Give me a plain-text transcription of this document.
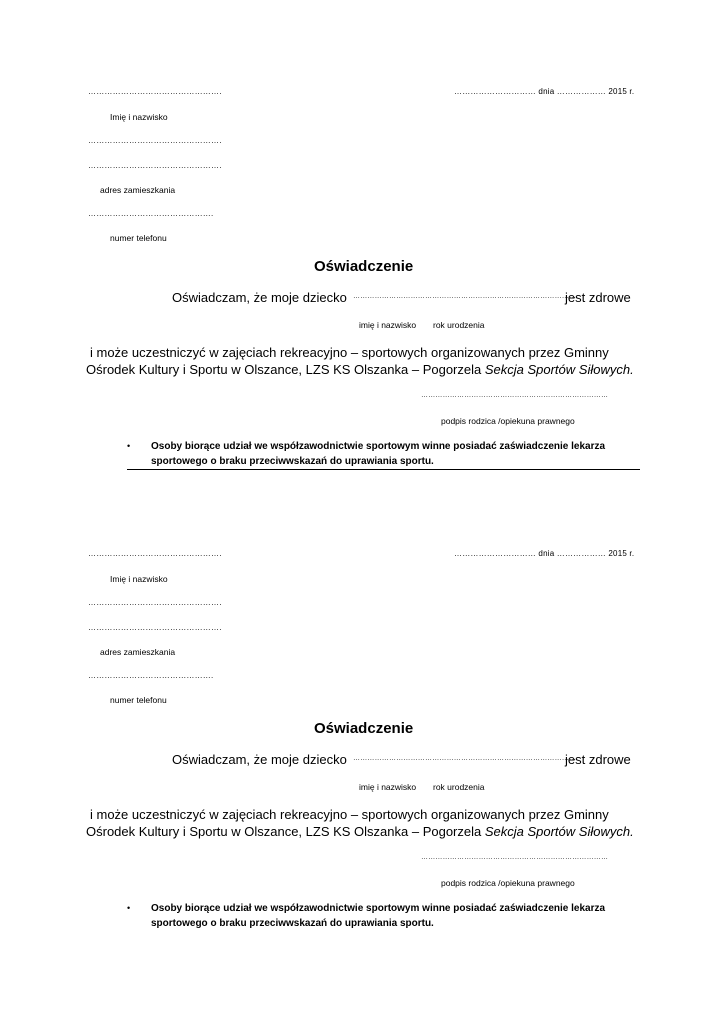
………………………………………….	………………………… dnia ……………… 2015 r.
Imię i nazwisko
………………………………………….
………………………………………….
adres zamieszkania
……………………………………….
numer telefonu
Oświadczenie
Oświadczam, że moje dziecko …………………………………………………………………………………
jest zdrowe
imię i nazwisko rok urodzenia
i może uczestniczyć w zajęciach rekreacyjno – sportowych organizowanych przez Gminny
Ośrodek Kultury i Sportu w Olszance, LZS KS Olszanka – Pogorzela Sekcja Sportów Siłowych.
……………………………………………………………………
podpis rodzica /opiekuna prawnego
• Osoby biorące udział we współzawodnictwie sportowym winne posiadać zaświadczenie lekarza
sportowego o braku przeciwwskazań do uprawiania sportu.
………………………………………….	………………………… dnia ……………… 2015 r.
Imię i nazwisko
………………………………………….
………………………………………….
adres zamieszkania
……………………………………….
numer telefonu
Oświadczenie
Oświadczam, że moje dziecko …………………………………………………………………………………
jest zdrowe
imię i nazwisko rok urodzenia
i może uczestniczyć w zajęciach rekreacyjno – sportowych organizowanych przez Gminny
Ośrodek Kultury i Sportu w Olszance, LZS KS Olszanka – Pogorzela Sekcja Sportów Siłowych.
……………………………………………………………………
podpis rodzica /opiekuna prawnego
• Osoby biorące udział we współzawodnictwie sportowym winne posiadać zaświadczenie lekarza
sportowego o braku przeciwwskazań do uprawiania sportu.
